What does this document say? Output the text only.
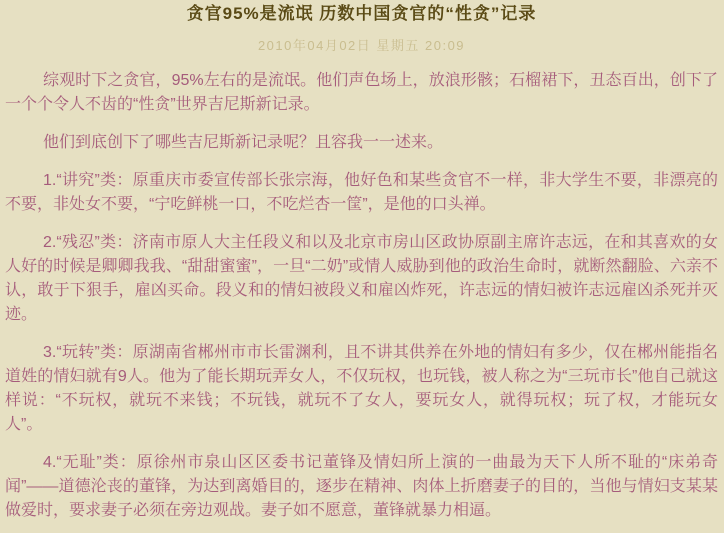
贪官95%是流氓 历数中国贪官的“性贪”记录
2010年04月02日 星期五 20:09

综观时下之贪官，95%左右的是流氓。他们声色场上，放浪形骸；石榴裙下，丑态百出，创下了一个个令人不齿的“性贪”世界吉尼斯新记录。

他们到底创下了哪些吉尼斯新记录呢？且容我一一述来。

1.“讲究”类：原重庆市委宣传部长张宗海，他好色和某些贪官不一样，非大学生不要，非漂亮的不要，非处女不要，“宁吃鲜桃一口，不吃烂杏一筐”，是他的口头禅。

2.“残忍”类：济南市原人大主任段义和以及北京市房山区政协原副主席许志远，在和其喜欢的女人好的时候是卿卿我我、“甜甜蜜蜜”，一旦“二奶”或情人威胁到他的政治生命时，就断然翻脸、六亲不认，敢于下狠手，雇凶买命。段义和的情妇被段义和雇凶炸死，许志远的情妇被许志远雇凶杀死并灭迹。

3.“玩转”类：原湖南省郴州市市长雷渊利，且不讲其供养在外地的情妇有多少，仅在郴州能指名道姓的情妇就有9人。他为了能长期玩弄女人，不仅玩权，也玩钱，被人称之为“三玩市长”他自己就这样说：“不玩权，就玩不来钱；不玩钱，就玩不了女人，要玩女人，就得玩权；玩了权，才能玩女人”。

4.“无耻”类：原徐州市泉山区区委书记董锋及情妇所上演的一曲最为天下人所不耻的“床弟奇闻”——道德沦丧的董锋，为达到离婚目的，逐步在精神、肉体上折磨妻子的目的，当他与情妇支某某做爱时，要求妻子必须在旁边观战。妻子如不愿意，董锋就暴力相逼。
